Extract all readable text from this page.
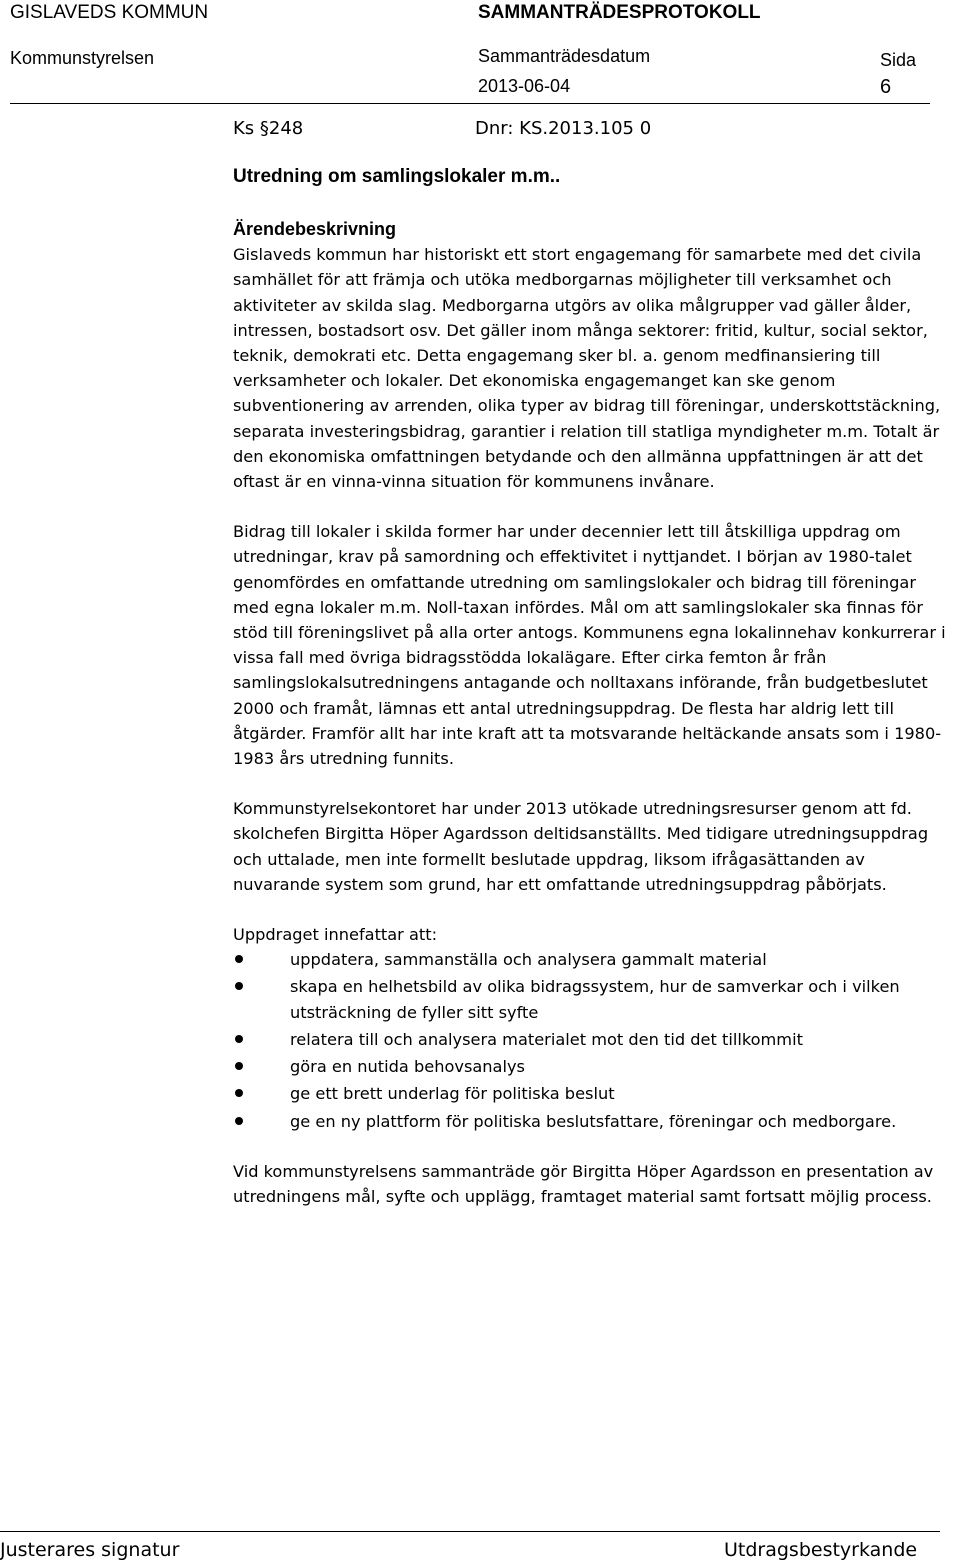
GISLAVEDS KOMMUN	SAMMANTRÄDESPROTOKOLL
Kommunstyrelsen	Sammanträdesdatum	Sida
2013-06-04	6
Ks §248	Dnr: KS.2013.105 0
Utredning om samlingslokaler m.m..

Ärendebeskrivning

Gislaveds kommun har historiskt ett stort engagemang för samarbete med det civila samhället för att främja och utöka medborgarnas möjligheter till verksamhet och aktiviteter av skilda slag. Medborgarna utgörs av olika målgrupper vad gäller ålder, intressen, bostadsort osv. Det gäller inom många sektorer: fritid, kultur, social sektor, teknik, demokrati etc. Detta engagemang sker bl. a. genom medfinansiering till verksamheter och lokaler. Det ekonomiska engagemanget kan ske genom subventionering av arrenden, olika typer av bidrag till föreningar, underskottstäckning, separata investeringsbidrag, garantier i relation till statliga myndigheter m.m. Totalt är den ekonomiska omfattningen betydande och den allmänna uppfattningen är att det oftast är en vinna-vinna situation för kommunens invånare.

Bidrag till lokaler i skilda former har under decennier lett till åtskilliga uppdrag om utredningar, krav på samordning och effektivitet i nyttjandet. I början av 1980-talet genomfördes en omfattande utredning om samlingslokaler och bidrag till föreningar med egna lokaler m.m. Noll-taxan infördes. Mål om att samlingslokaler ska finnas för stöd till föreningslivet på alla orter antogs. Kommunens egna lokalinnehav konkurrerar i vissa fall med övriga bidragsstödda lokalägare. Efter cirka femton år från samlingslokalsutredningens antagande och nolltaxans införande, från budgetbeslutet 2000 och framåt, lämnas ett antal utredningsuppdrag. De flesta har aldrig lett till åtgärder. Framför allt har inte kraft att ta motsvarande heltäckande ansats som i 1980-1983 års utredning funnits.

Kommunstyrelsekontoret har under 2013 utökade utredningsresurser genom att fd. skolchefen Birgitta Höper Agardsson deltidsanställts. Med tidigare utredningsuppdrag och uttalade, men inte formellt beslutade uppdrag, liksom ifrågasättanden av nuvarande system som grund, har ett omfattande utredningsuppdrag påbörjats.

Uppdraget innefattar att:

uppdatera, sammanställa och analysera gammalt material
skapa en helhetsbild av olika bidragssystem, hur de samverkar och i vilken utsträckning de fyller sitt syfte
relatera till och analysera materialet mot den tid det tillkommit
göra en nutida behovsanalys
ge ett brett underlag för politiska beslut
ge en ny plattform för politiska beslutsfattare, föreningar och medborgare.

Vid kommunstyrelsens sammanträde gör Birgitta Höper Agardsson en presentation av utredningens mål, syfte och upplägg, framtaget material samt fortsatt möjlig process.

Justerares signatur	Utdragsbestyrkande
